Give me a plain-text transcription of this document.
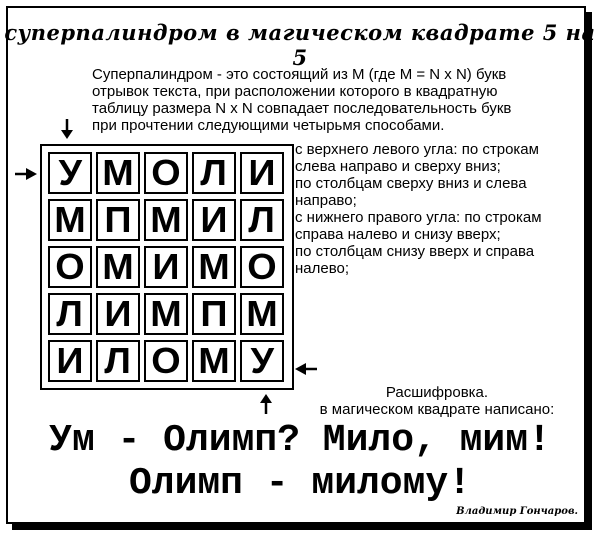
суперпалиндром в магическом квадрате 5 на 5
Суперпалиндром - это состоящий из M (где M = N x N) букв
отрывок текста, при расположении которого в квадратную
таблицу размера N x N совпадает последовательность букв
при прочтении следующими четырьмя способами.
с верхнего левого угла: по строкам
слева направо и сверху вниз;
по столбцам сверху вниз и слева
направо;
с нижнего правого угла: по строкам
справа налево и снизу вверх;
по столбцам снизу вверх и справа
налево;
У М О Л И
М П М И Л
О М И М О
Л И М П М
И Л О М У
Расшифровка.
в магическом квадрате написано:
Ум - Олимп? Мило, мим!
Олимп - милому!
Владимир Гончаров.
